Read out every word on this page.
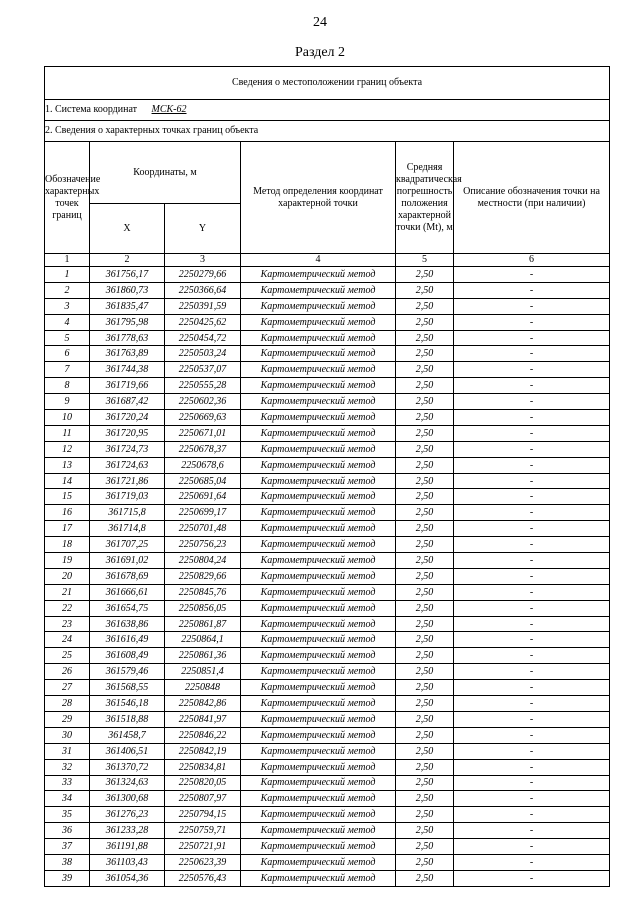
24
Раздел 2
Сведения о местоположении границ объекта					
1. Система координат МСК-62					
2. Сведения о характерных точках границ объекта					
Обозначение характерных точек границ	Координаты, м		Метод определения координат характерной точки	Средняя квадратическая погрешность положения характерной точки (Mt), м	Описание обозначения точки на местности (при наличии)
	X	Y			
1	2	3	4	5	6
1	361756,17	2250279,66	Картометрический метод	2,50	-
2	361860,73	2250366,64	Картометрический метод	2,50	-
3	361835,47	2250391,59	Картометрический метод	2,50	-
4	361795,98	2250425,62	Картометрический метод	2,50	-
5	361778,63	2250454,72	Картометрический метод	2,50	-
6	361763,89	2250503,24	Картометрический метод	2,50	-
7	361744,38	2250537,07	Картометрический метод	2,50	-
8	361719,66	2250555,28	Картометрический метод	2,50	-
9	361687,42	2250602,36	Картометрический метод	2,50	-
10	361720,24	2250669,63	Картометрический метод	2,50	-
11	361720,95	2250671,01	Картометрический метод	2,50	-
12	361724,73	2250678,37	Картометрический метод	2,50	-
13	361724,63	2250678,6	Картометрический метод	2,50	-
14	361721,86	2250685,04	Картометрический метод	2,50	-
15	361719,03	2250691,64	Картометрический метод	2,50	-
16	361715,8	2250699,17	Картометрический метод	2,50	-
17	361714,8	2250701,48	Картометрический метод	2,50	-
18	361707,25	2250756,23	Картометрический метод	2,50	-
19	361691,02	2250804,24	Картометрический метод	2,50	-
20	361678,69	2250829,66	Картометрический метод	2,50	-
21	361666,61	2250845,76	Картометрический метод	2,50	-
22	361654,75	2250856,05	Картометрический метод	2,50	-
23	361638,86	2250861,87	Картометрический метод	2,50	-
24	361616,49	2250864,1	Картометрический метод	2,50	-
25	361608,49	2250861,36	Картометрический метод	2,50	-
26	361579,46	2250851,4	Картометрический метод	2,50	-
27	361568,55	2250848	Картометрический метод	2,50	-
28	361546,18	2250842,86	Картометрический метод	2,50	-
29	361518,88	2250841,97	Картометрический метод	2,50	-
30	361458,7	2250846,22	Картометрический метод	2,50	-
31	361406,51	2250842,19	Картометрический метод	2,50	-
32	361370,72	2250834,81	Картометрический метод	2,50	-
33	361324,63	2250820,05	Картометрический метод	2,50	-
34	361300,68	2250807,97	Картометрический метод	2,50	-
35	361276,23	2250794,15	Картометрический метод	2,50	-
36	361233,28	2250759,71	Картометрический метод	2,50	-
37	361191,88	2250721,91	Картометрический метод	2,50	-
38	361103,43	2250623,39	Картометрический метод	2,50	-
39	361054,36	2250576,43	Картометрический метод	2,50	-
